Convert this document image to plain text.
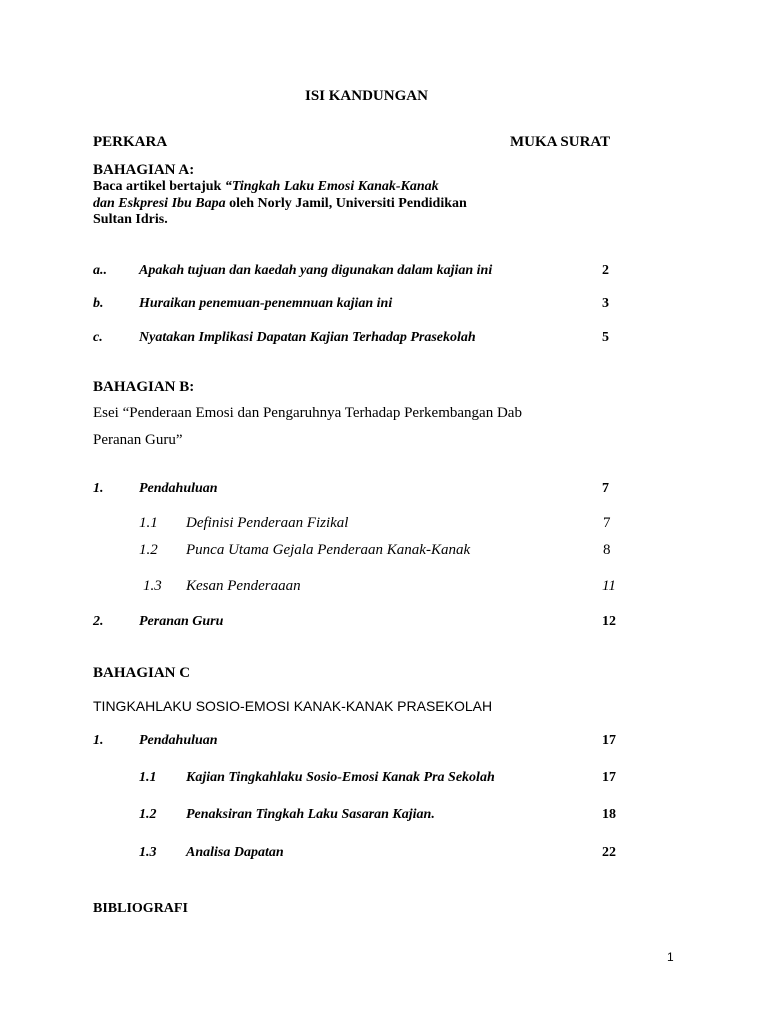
ISI KANDUNGAN
PERKARA	MUKA SURAT
BAHAGIAN A:
Baca artikel bertajuk “Tingkah Laku Emosi Kanak-Kanak
dan Eskpresi Ibu Bapa oleh Norly Jamil, Universiti Pendidikan
Sultan Idris.
a.. Apakah tujuan dan kaedah yang digunakan dalam kajian ini	2
b.	Huraikan penemuan-penemnuan kajian ini	3
c.	Nyatakan Implikasi Dapatan Kajian Terhadap Prasekolah	5
BAHAGIAN B:
Esei “Penderaan Emosi dan Pengaruhnya Terhadap Perkembangan Dab
Peranan Guru”
1.	Pendahuluan	7
1.1 Definisi Penderaan Fizikal	7
1.2 Punca Utama Gejala Penderaan Kanak-Kanak	8
1.3 Kesan Penderaaan	11
2.	Peranan Guru	12
BAHAGIAN C
TINGKAHLAKU SOSIO-EMOSI KANAK-KANAK PRASEKOLAH
1.	Pendahuluan	17
1.1 Kajian Tingkahlaku Sosio-Emosi Kanak Pra Sekolah	17
1.2 Penaksiran Tingkah Laku Sasaran Kajian.	18
1.3 Analisa Dapatan	22
BIBLIOGRAFI
1
